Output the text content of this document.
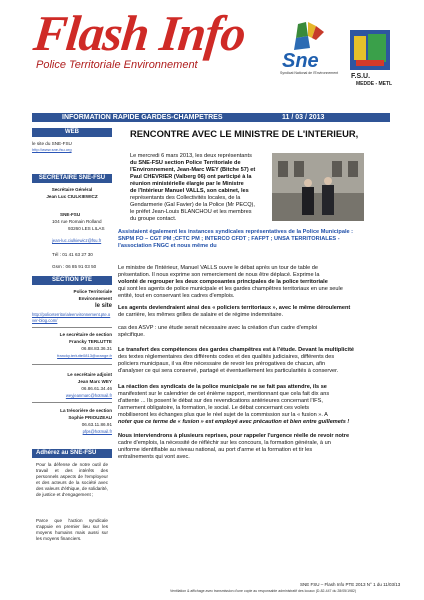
Flash Info
Police Territoriale Environnement	Sne
Syndicat National de l'Environnement F.S.U.
MEDDE - METL
INFORMATION RAPIDE GARDES-CHAMPETRES	11 / 03 / 2013
WEB
le site du SNE-FSU
http://www.sne-fsu.org
SECRETAIRE SNE-FSU
Secrétaire Général
Jean Luc CIULKIEWICZ
SNE-FSU
104 rue Romain Rolland
93260 LES LILAS
jean-luc.ciulkiewicz@fsu.fr
Tél : 01 41 63 27 30
Gsm : 06 85 91 03 50
SECTION PTE
Police Territoriale
Environnement
le site
http://policeterritorialeenvironnement.pte.over-blog.com/
Le secrétaire de section
Francky TERLUTTE
06.88.83.36.31
francky.terlutte0813@orange.fr
Le secrétaire adjoint
Jean Marc WEY
06.86.61.34.46
weyjeanmarc@hotmail.fr
La trésorière de section
Sophie PRIOUZEAU
06.63.11.86.91
pfps@hotmail.fr
Adhérez au SNE-FSU
Pour la défense de notre outil de travail et des intérêts des personnels aspects de l'employeur et des acteurs de la société avec des valeurs d'éthique, de solidarité, de justice et d'engagement ;
Parce que l'action syndicale s'appuie en premier lieu sur les moyens humains mais aussi sur les moyens financiers.
RENCONTRE AVEC LE MINISTRE DE L'INTERIEUR,
Le mercredi 6 mars 2013, les deux représentants
du SNE-FSU section Police Territoriale de
l'Environnement, Jean-Marc WEY (Bitche 57) et
Paul CHEVRIER (Valberg 06) ont participé à la
réunion ministérielle élargie par le Ministre
de l'Intérieur Manuel VALLS, son cabinet, les
représentants des Collectivités locales, de la
Gendarmerie (Gal Favier) de la Police (Mr PECQ),
le préfet Jean-Louis BLANCHOU et les membres
du groupe contact.
Assistaient également les instances syndicales représentatives de la Police Municipale :
SNPM FO – CGT PM ;CFTC PM ; INTERCO CFDT ; FAFPT ; UNSA TERRITORIALES -
l'association FNGC et nous même du
Le ministre de l'Intérieur, Manuel VALLS ouvre le débat après un tour de table de
présentation. Il nous exprime son remerciement de nous être déplacé. Exprime la
volonté de regrouper les deux composantes principales de la police territoriale
qui sont les agents de police municipale et les gardes champêtres territoriaux en une seule
entité, tout en conservant les cadres d'emplois.
Les agents deviendraient ainsi des « policiers territoriaux », avec le même déroulement
de carrière, les mêmes grilles de salaire et de régime indemnitaire.
cas des ASVP : une étude serait nécessaire avec la création d'un cadre d'emploi
spécifique.
Le transfert des compétences des gardes champêtres est à l'étude. Devant la multiplicité
des textes réglementaires des différents codes et des qualités judiciaires, différents des
policiers municipaux, il va être nécessaire de revoir les prérogatives de chacun, afin
d'analyser ce qui sera conservé, partagé et éventuellement les particularités à conserver.
La réaction des syndicats de la police municipale ne se fait pas attendre, ils se
manifestent sur le calendrier de cet énième rapport, mentionnant que cela fait dix ans
d'attente ... Ils posent le débat sur des revendications antérieures concernant l'IFS,
l'armement obligatoire, la formation, le social. Le débat concernant ces volets
mobiliseront les échanges plus que le réel sujet de la commission sur la « fusion ». A
noter que ce terme de « fusion » est employé avec précaution et bien entre guillemets !
Nous interviendrons à plusieurs reprises, pour rappeler l'urgence réelle de revoir notre
cadre d'emplois, la nécessité de réfléchir sur les concours, la formation générale, à un
uniforme identifiable au niveau national, au port d'arme et la formation et tir les
entraînements qui vont avec.
SNE FSU – Flash Info PTE 2013 N° 1 du 11/03/13
Ventilation & affichage avec transmission d'une copie au responsable administratif des locaux (D-82-447 du 28/05/1982)
